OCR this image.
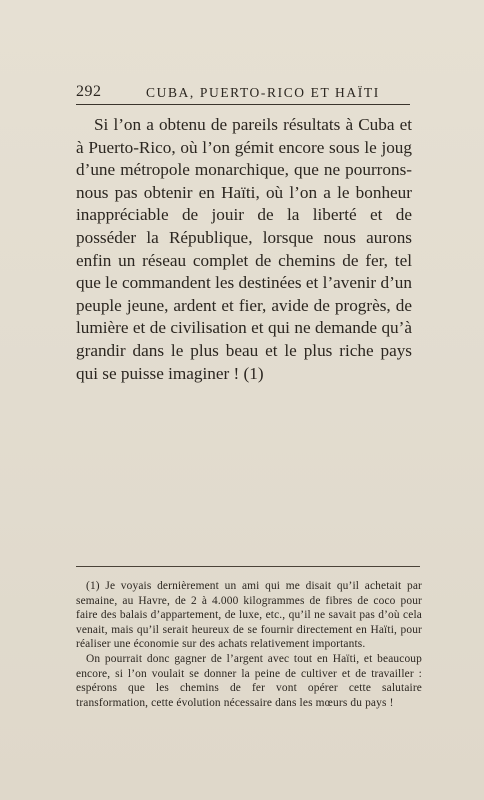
292	CUBA, PUERTO-RICO ET HAÏTI

Si l’on a obtenu de pareils résultats à Cuba et à Puerto-Rico, où l’on gémit encore sous le joug d’une métropole monarchique, que ne pourrons-nous pas obtenir en Haïti, où l’on a le bonheur inappréciable de jouir de la liberté et de posséder la République, lorsque nous aurons enfin un réseau complet de chemins de fer, tel que le commandent les destinées et l’avenir d’un peuple jeune, ardent et fier, avide de progrès, de lumière et de civilisation et qui ne demande qu’à grandir dans le plus beau et le plus riche pays qui se puisse imaginer ! (1)

(1) Je voyais dernièrement un ami qui me disait qu’il achetait par semaine, au Havre, de 2 à 4.000 kilogrammes de fibres de coco pour faire des balais d’appartement, de luxe, etc., qu’il ne savait pas d’où cela venait, mais qu’il serait heureux de se fournir directement en Haïti, pour réaliser une économie sur des achats relativement importants.

On pourrait donc gagner de l’argent avec tout en Haïti, et beaucoup encore, si l’on voulait se donner la peine de cultiver et de travailler : espérons que les chemins de fer vont opérer cette salutaire transformation, cette évolution nécessaire dans les mœurs du pays !
